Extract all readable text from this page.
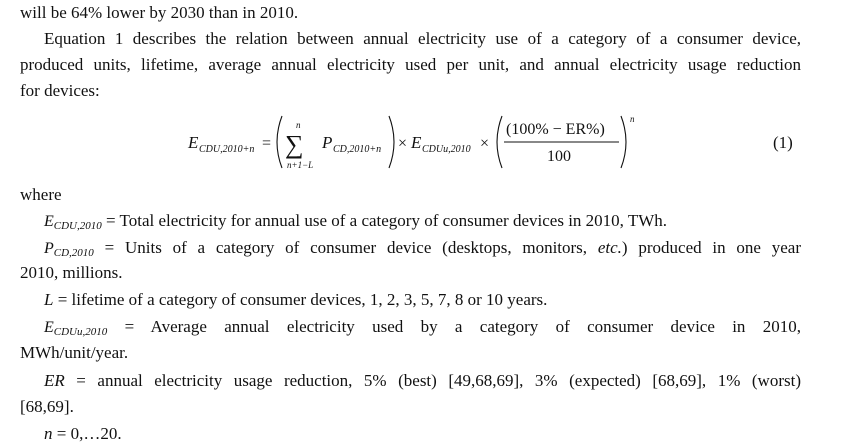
will be 64% lower by 2030 than in 2010.
Equation 1 describes the relation between annual electricity use of a category of a consumer device,
produced units, lifetime, average annual electricity used per unit, and annual electricity usage reduction
for devices:
E CDU,2010+n =
n
∑
n+1−L
P CD,2010+n × E CDUu,2010 ×
(100% − ER%)
100
n
(1)
where
ECDU,2010 = Total electricity for annual use of a category of consumer devices in 2010, TWh.
PCD,2010 = Units of a category of consumer device (desktops, monitors, etc.) produced in one year
2010, millions.
L = lifetime of a category of consumer devices, 1, 2, 3, 5, 7, 8 or 10 years.
ECDUu,2010 = Average annual electricity used by a category of consumer device in 2010,
MWh/unit/year.
ER = annual electricity usage reduction, 5% (best) [49,68,69], 3% (expected) [68,69], 1% (worst)
[68,69].
n = 0,…20.
